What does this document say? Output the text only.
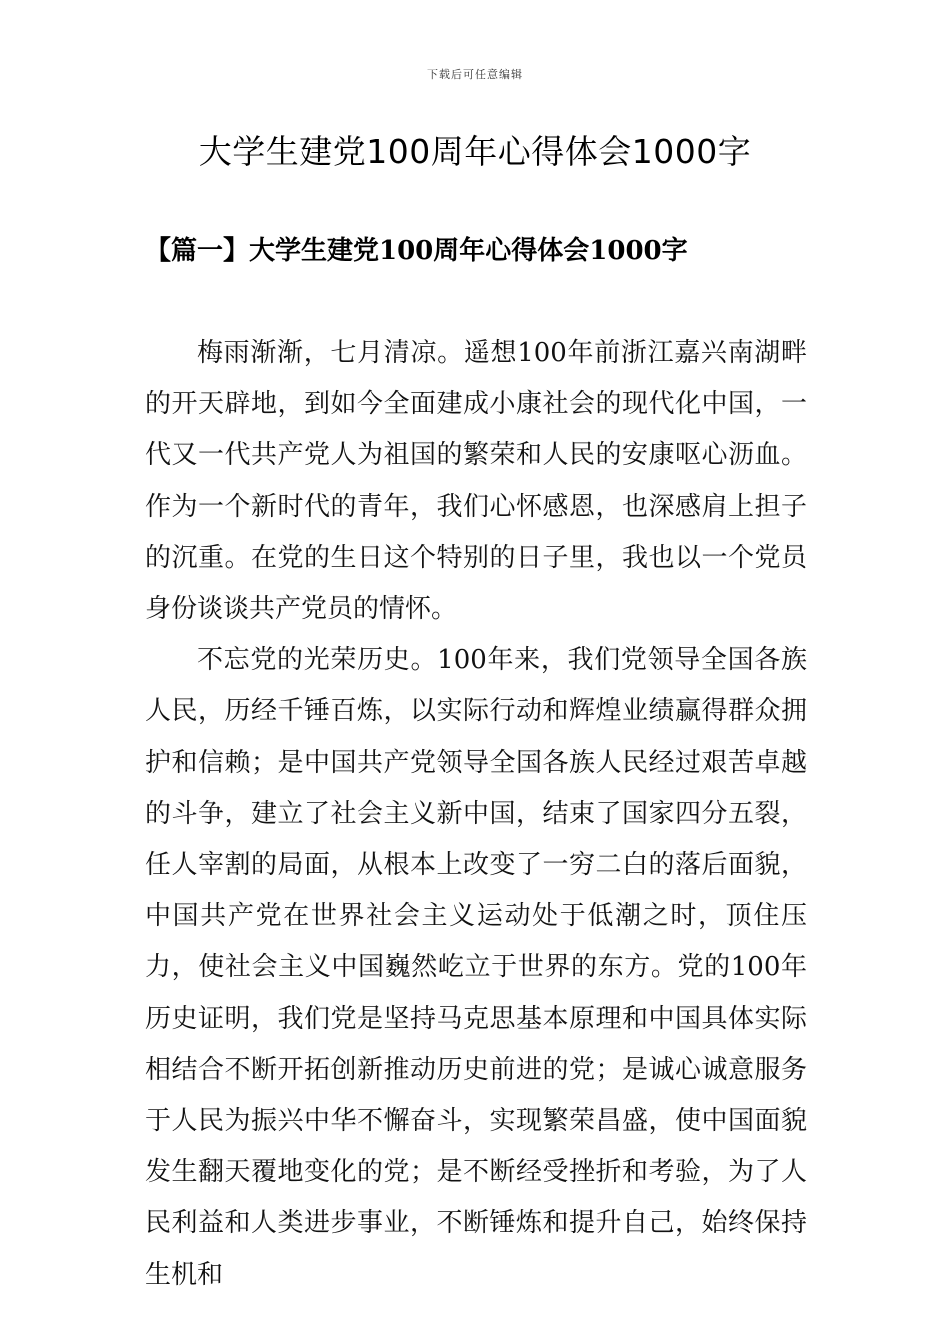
下载后可任意编辑
大学生建党100周年心得体会1000字
【篇一】大学生建党100周年心得体会1000字

梅雨渐渐，七月清凉。遥想100年前浙江嘉兴南湖畔的开天辟地，到如今全面建成小康社会的现代化中国，一代又一代共产党人为祖国的繁荣和人民的安康呕心沥血。作为一个新时代的青年，我们心怀感恩，也深感肩上担子的沉重。在党的生日这个特别的日子里，我也以一个党员身份谈谈共产党员的情怀。

不忘党的光荣历史。100年来，我们党领导全国各族人民，历经千锤百炼，以实际行动和辉煌业绩赢得群众拥护和信赖；是中国共产党领导全国各族人民经过艰苦卓越的斗争，建立了社会主义新中国，结束了国家四分五裂，任人宰割的局面，从根本上改变了一穷二白的落后面貌，中国共产党在世界社会主义运动处于低潮之时，顶住压力，使社会主义中国巍然屹立于世界的东方。党的100年历史证明，我们党是坚持马克思基本原理和中国具体实际相结合不断开拓创新推动历史前进的党；是诚心诚意服务于人民为振兴中华不懈奋斗，实现繁荣昌盛，使中国面貌发生翻天覆地变化的党；是不断经受挫折和考验，为了人民利益和人类进步事业，不断锤炼和提升自己，始终保持生机和
